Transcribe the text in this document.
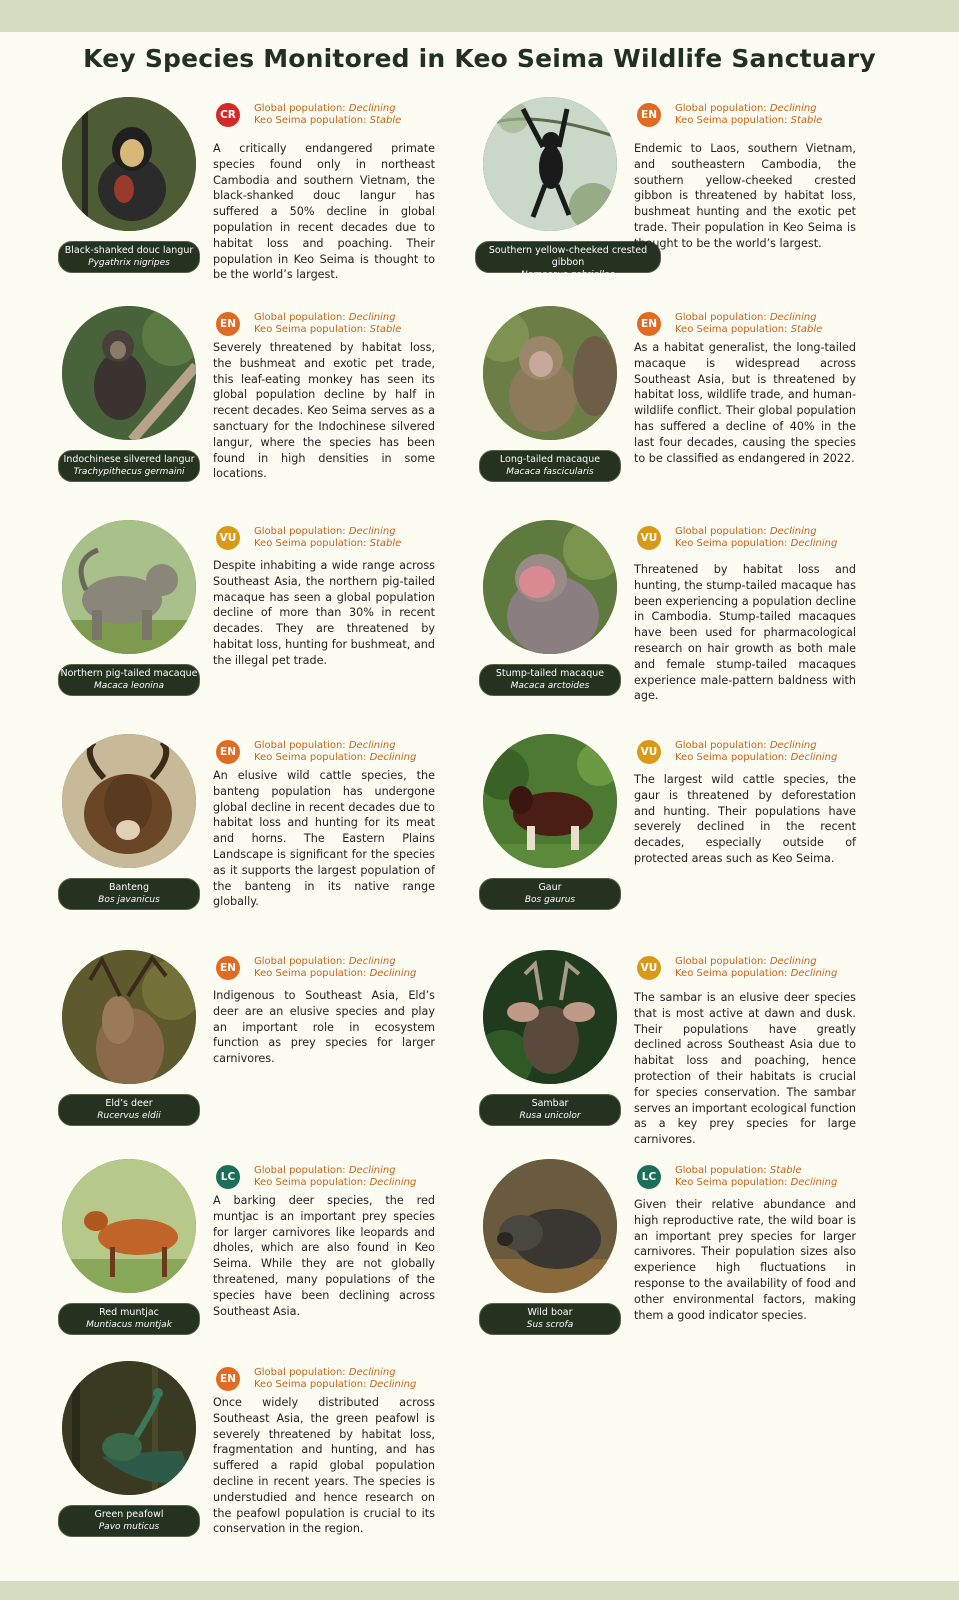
Key Species Monitored in Keo Seima Wildlife Sanctuary
Black-shanked douc langur
Pygathrix nigripes
CR
Global population: Declining
Keo Seima population: Stable
A critically endangered primate species found only in northeast Cambodia and southern Vietnam, the black-shanked douc langur has suffered a 50% decline in global population in recent decades due to habitat loss and poaching. Their population in Keo Seima is thought to be the world’s largest.
Southern yellow-cheeked crested gibbon
Nomascus gabriellae
EN
Global population: Declining
Keo Seima population: Stable
Endemic to Laos, southern Vietnam, and southeastern Cambodia, the southern yellow-cheeked crested gibbon is threatened by habitat loss, bushmeat hunting and the exotic pet trade. Their population in Keo Seima is thought to be the world’s largest.
Indochinese silvered langur
Trachypithecus germaini
EN
Global population: Declining
Keo Seima population: Stable
Severely threatened by habitat loss, the bushmeat and exotic pet trade, this leaf-eating monkey has seen its global population decline by half in recent decades. Keo Seima serves as a sanctuary for the Indochinese silvered langur, where the species has been found in high densities in some locations.
Long-tailed macaque
Macaca fascicularis
EN
Global population: Declining
Keo Seima population: Stable
As a habitat generalist, the long-tailed macaque is widespread across Southeast Asia, but is threatened by habitat loss, wildlife trade, and human-wildlife conflict. Their global population has suffered a decline of 40% in the last four decades, causing the species to be classified as endangered in 2022.
Northern pig-tailed macaque
Macaca leonina
VU
Global population: Declining
Keo Seima population: Stable
Despite inhabiting a wide range across Southeast Asia, the northern pig-tailed macaque has seen a global population decline of more than 30% in recent decades. They are threatened by habitat loss, hunting for bushmeat, and the illegal pet trade.
Stump-tailed macaque
Macaca arctoides
VU
Global population: Declining
Keo Seima population: Declining
Threatened by habitat loss and hunting, the stump-tailed macaque has been experiencing a population decline in Cambodia. Stump-tailed macaques have been used for pharmacological research on hair growth as both male and female stump-tailed macaques experience male-pattern baldness with age.
Banteng
Bos javanicus
EN
Global population: Declining
Keo Seima population: Declining
An elusive wild cattle species, the banteng population has undergone global decline in recent decades due to habitat loss and hunting for its meat and horns. The Eastern Plains Landscape is significant for the species as it supports the largest population of the banteng in its native range globally.
Gaur
Bos gaurus
VU
Global population: Declining
Keo Seima population: Declining
The largest wild cattle species, the gaur is threatened by deforestation and hunting. Their populations have severely declined in the recent decades, especially outside of protected areas such as Keo Seima.
Eld’s deer
Rucervus eldii
EN
Global population: Declining
Keo Seima population: Declining
Indigenous to Southeast Asia, Eld’s deer are an elusive species and play an important role in ecosystem function as prey species for larger carnivores.
Sambar
Rusa unicolor
VU
Global population: Declining
Keo Seima population: Declining
The sambar is an elusive deer species that is most active at dawn and dusk. Their populations have greatly declined across Southeast Asia due to habitat loss and poaching, hence protection of their habitats is crucial for species conservation. The sambar serves an important ecological function as a key prey species for large carnivores.
Red muntjac
Muntiacus muntjak
LC
Global population: Declining
Keo Seima population: Declining
A barking deer species, the red muntjac is an important prey species for larger carnivores like leopards and dholes, which are also found in Keo Seima. While they are not globally threatened, many populations of the species have been declining across Southeast Asia.	Wild boar
Sus scrofa
LC
Global population: Stable
Keo Seima population: Declining
Given their relative abundance and high reproductive rate, the wild boar is an important prey species for larger carnivores. Their population sizes also experience high fluctuations in response to the availability of food and other environmental factors, making them a good indicator species.
Green peafowl
Pavo muticus
EN
Global population: Declining
Keo Seima population: Declining
Once widely distributed across Southeast Asia, the green peafowl is severely threatened by habitat loss, fragmentation and hunting, and has suffered a rapid global population decline in recent years. The species is understudied and hence research on the peafowl population is crucial to its conservation in the region.
